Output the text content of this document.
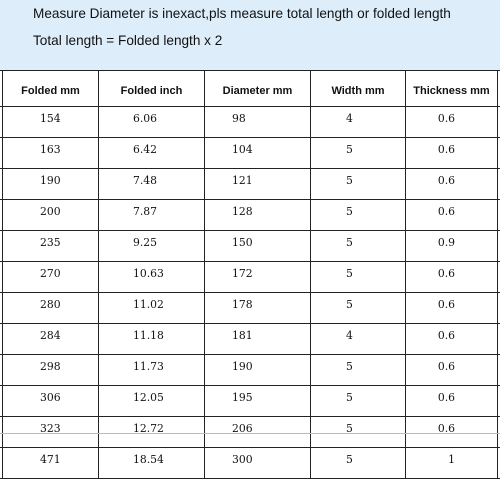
Measure Diameter is inexact,pls measure total length or folded length

Total length = Folded length x 2

Folded mm	Folded inch	Diameter mm	Width mm	Thickness mm
154	6.06	98	4	0.6
163	6.42	104	5	0.6
190	7.48	121	5	0.6
200	7.87	128	5	0.6
235	9.25	150	5	0.9
270	10.63	172	5	0.6
280	11.02	178	5	0.6
284	11.18	181	4	0.6
298	11.73	190	5	0.6
306	12.05	195	5	0.6
323	12.72	206	5	0.6
471	18.54	300	5	1
